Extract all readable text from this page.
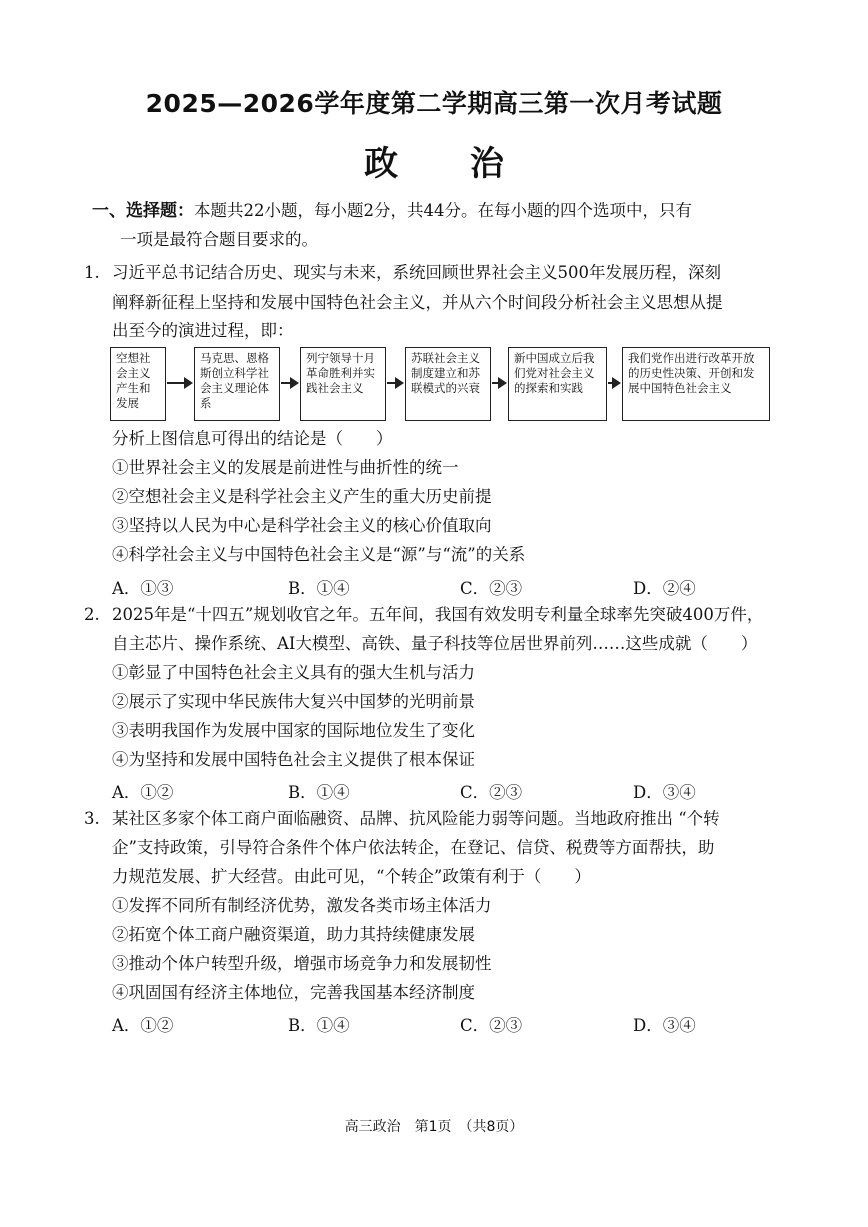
2025—2026学年度第二学期高三第一次月考试题
政 治
一、选择题：本题共22小题，每小题2分，共44分。在每小题的四个选项中，只有
一项是最符合题目要求的。
1. 习近平总书记结合历史、现实与未来，系统回顾世界社会主义500年发展历程，深刻
阐释新征程上坚持和发展中国特色社会主义，并从六个时间段分析社会主义思想从提
出至今的演进过程，即：
空想社会主义产生和发展
马克思、恩格斯创立科学社会主义理论体系
列宁领导十月革命胜利并实践社会主义
苏联社会主义制度建立和苏联模式的兴衰
新中国成立后我们党对社会主义的探索和实践
我们党作出进行改革开放的历史性决策、开创和发展中国特色社会主义
分析上图信息可得出的结论是（　　）
①世界社会主义的发展是前进性与曲折性的统一
②空想社会主义是科学社会主义产生的重大历史前提
③坚持以人民为中心是科学社会主义的核心价值取向
④科学社会主义与中国特色社会主义是“源”与“流”的关系
A．①③	B．①④	C．②③	D．②④
2. 2025年是“十四五”规划收官之年。五年间，我国有效发明专利量全球率先突破400万件，
自主芯片、操作系统、AI大模型、高铁、量子科技等位居世界前列……这些成就（　　）
①彰显了中国特色社会主义具有的强大生机与活力
②展示了实现中华民族伟大复兴中国梦的光明前景
③表明我国作为发展中国家的国际地位发生了变化
④为坚持和发展中国特色社会主义提供了根本保证
A．①②	B．①④	C．②③	D．③④
3. 某社区多家个体工商户面临融资、品牌、抗风险能力弱等问题。当地政府推出 “个转
企”支持政策，引导符合条件个体户依法转企，在登记、信贷、税费等方面帮扶，助
力规范发展、扩大经营。由此可见，“个转企”政策有利于（　　）
①发挥不同所有制经济优势，激发各类市场主体活力
②拓宽个体工商户融资渠道，助力其持续健康发展
③推动个体户转型升级，增强市场竞争力和发展韧性
④巩固国有经济主体地位，完善我国基本经济制度
A．①②	B．①④	C．②③	D．③④
高三政治　第1页　（共8页）
